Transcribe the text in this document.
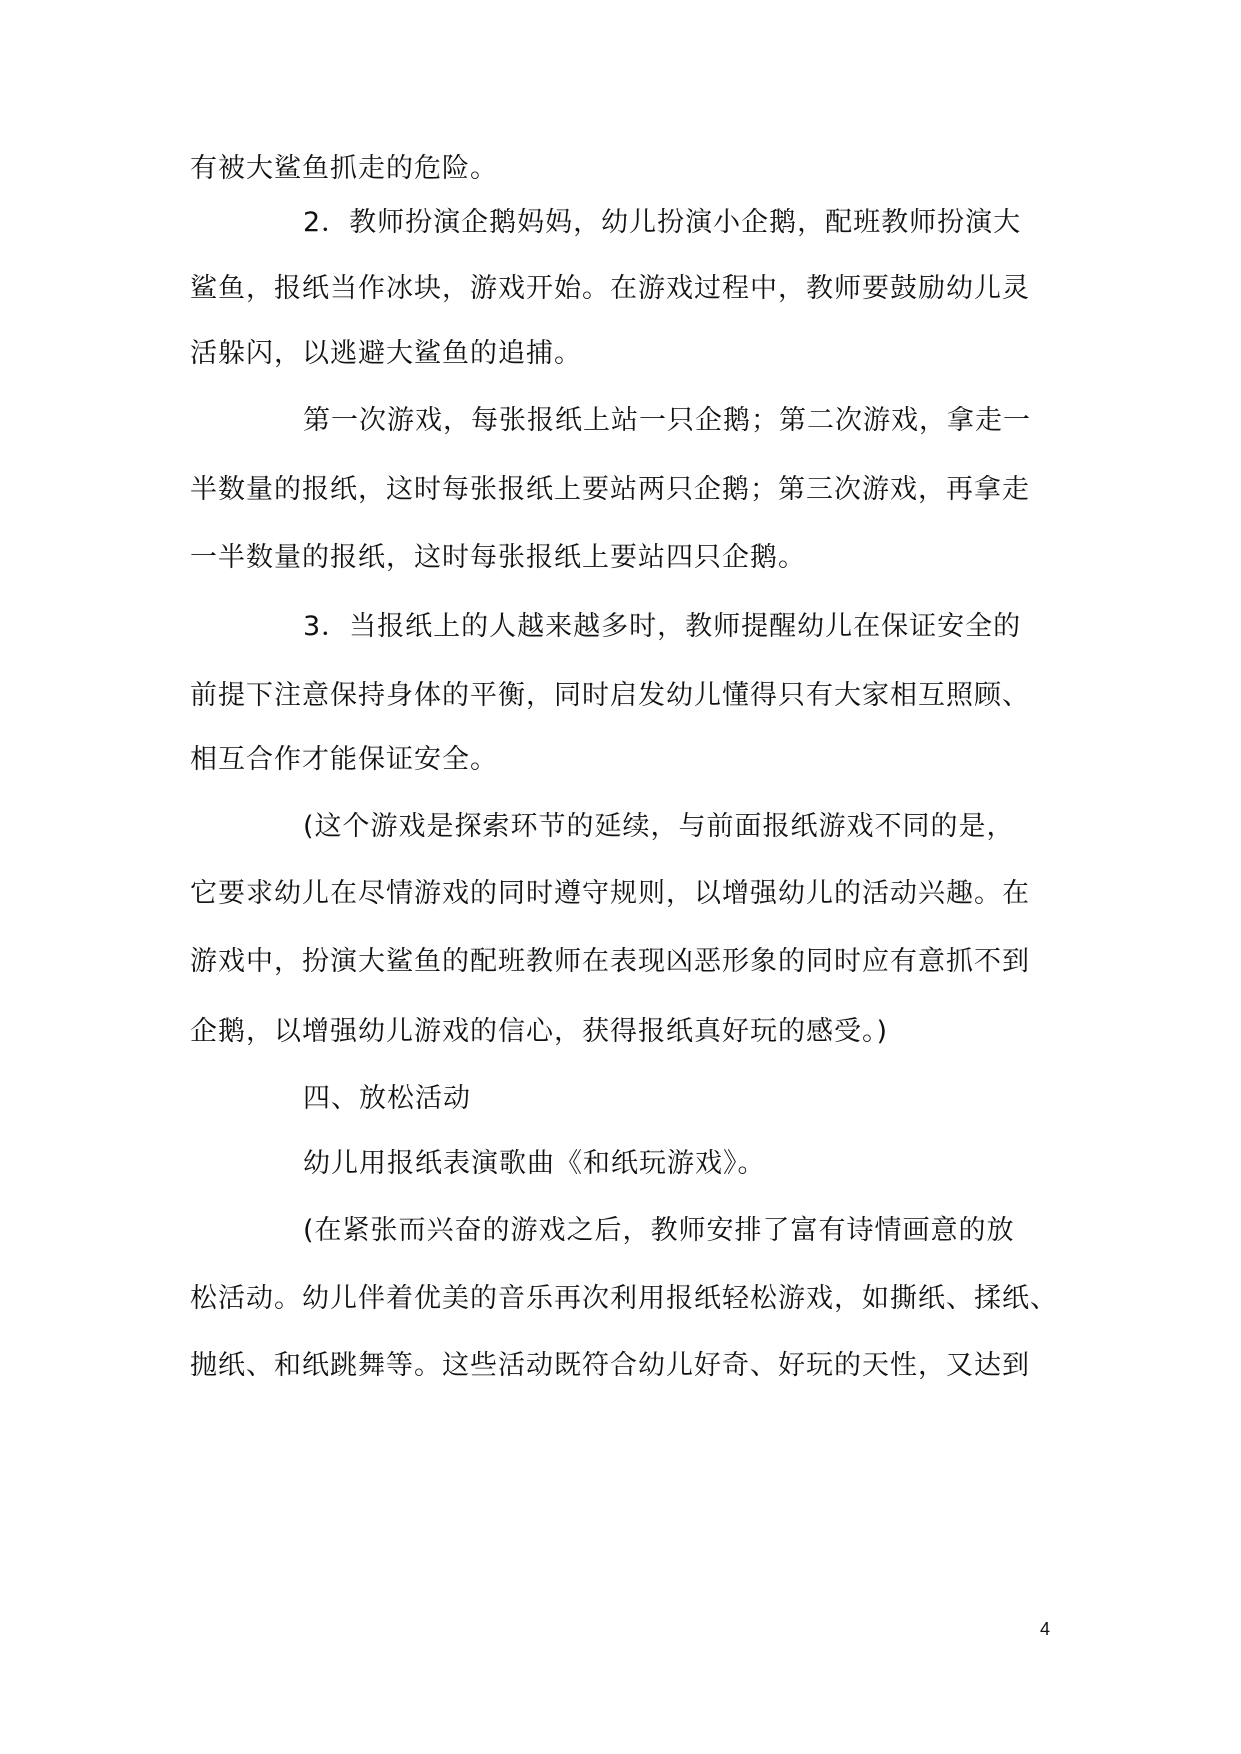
有被大鲨鱼抓走的危险。
2．教师扮演企鹅妈妈，幼儿扮演小企鹅，配班教师扮演大
鲨鱼，报纸当作冰块，游戏开始。在游戏过程中，教师要鼓励幼儿灵
活躲闪，以逃避大鲨鱼的追捕。
第一次游戏，每张报纸上站一只企鹅；第二次游戏，拿走一
半数量的报纸，这时每张报纸上要站两只企鹅；第三次游戏，再拿走
一半数量的报纸，这时每张报纸上要站四只企鹅。
3．当报纸上的人越来越多时，教师提醒幼儿在保证安全的
前提下注意保持身体的平衡，同时启发幼儿懂得只有大家相互照顾、
相互合作才能保证安全。
(这个游戏是探索环节的延续，与前面报纸游戏不同的是，
它要求幼儿在尽情游戏的同时遵守规则，以增强幼儿的活动兴趣。在
游戏中，扮演大鲨鱼的配班教师在表现凶恶形象的同时应有意抓不到
企鹅，以增强幼儿游戏的信心，获得报纸真好玩的感受。)
四、放松活动
幼儿用报纸表演歌曲《和纸玩游戏》。
(在紧张而兴奋的游戏之后，教师安排了富有诗情画意的放
松活动。幼儿伴着优美的音乐再次利用报纸轻松游戏，如撕纸、揉纸、
抛纸、和纸跳舞等。这些活动既符合幼儿好奇、好玩的天性，又达到
4
